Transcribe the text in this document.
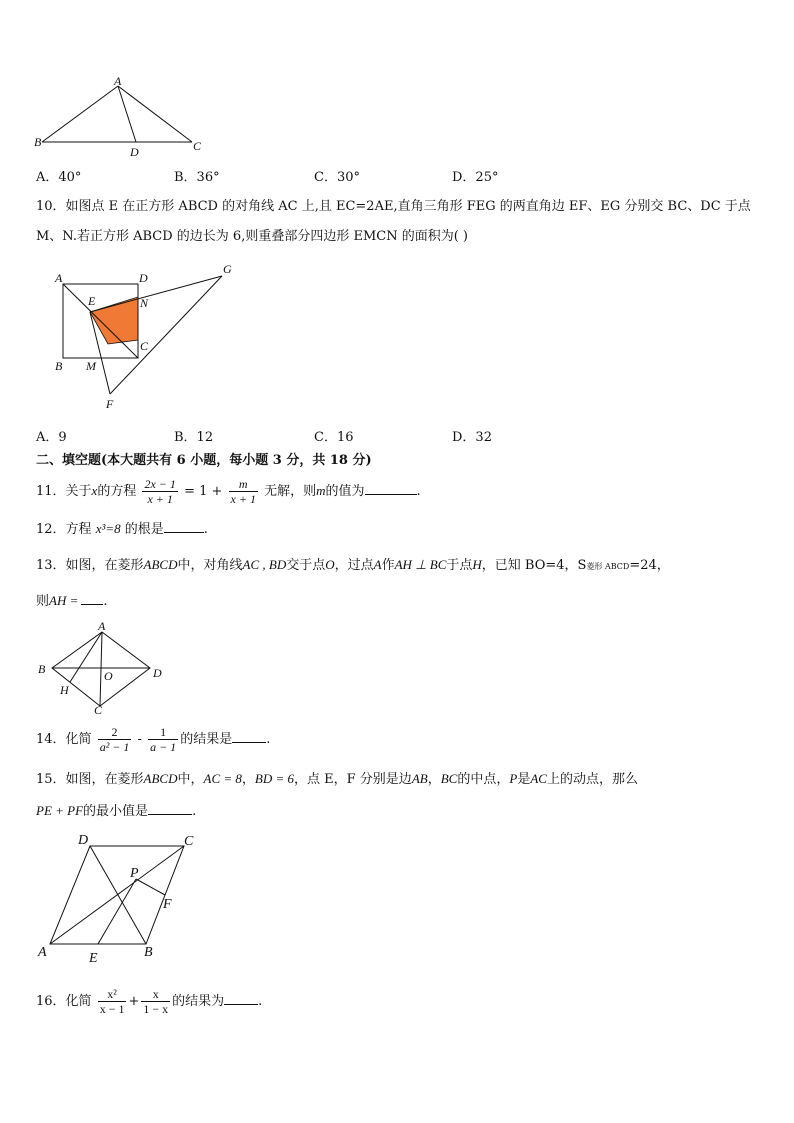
A
B	C
D
A．40°	B．36°	C．30°	D．25°
10．如图点 E 在正方形 ABCD 的对角线 AC 上,且 EC=2AE,直角三角形 FEG 的两直角边 EF、EG 分别交 BC、DC 于点
M、N.若正方形 ABCD 的边长为 6,则重叠部分四边形 EMCN 的面积为( )
A	D
G
E	N
C
B M
F
A．9	B．12	C．16	D．32
二、填空题(本大题共有 6 小题，每小题 3 分，共 18 分)
11．关于x的方程 $\frac{2x - 1}{x + 1} = 1 + \frac{m}{x + 1}$ 无解，则m的值为	.
12．方程 x³=8 的根是	.
13．如图，在菱形ABCD中，对角线AC , BD交于点O，过点A作AH ⊥ BC于点H，已知 BO=4，S菱形 ABCD=24，
则AH = .
A
B	D
O
H
C
14．化简 $\frac{2}{\text{a² − 1}} - \frac{1}{a - 1}$ 的结果是	.
15．如图，在菱形ABCD中，AC = 8，BD = 6，点 E，F 分别是边AB，BC的中点，P是AC上的动点，那么
PE + PF的最小值是	.
D	C
P
F
A	E	B
16．化简 $\frac{\text{x²}}{x - 1} + \frac{x}{1 - x}$ 的结果为	.
